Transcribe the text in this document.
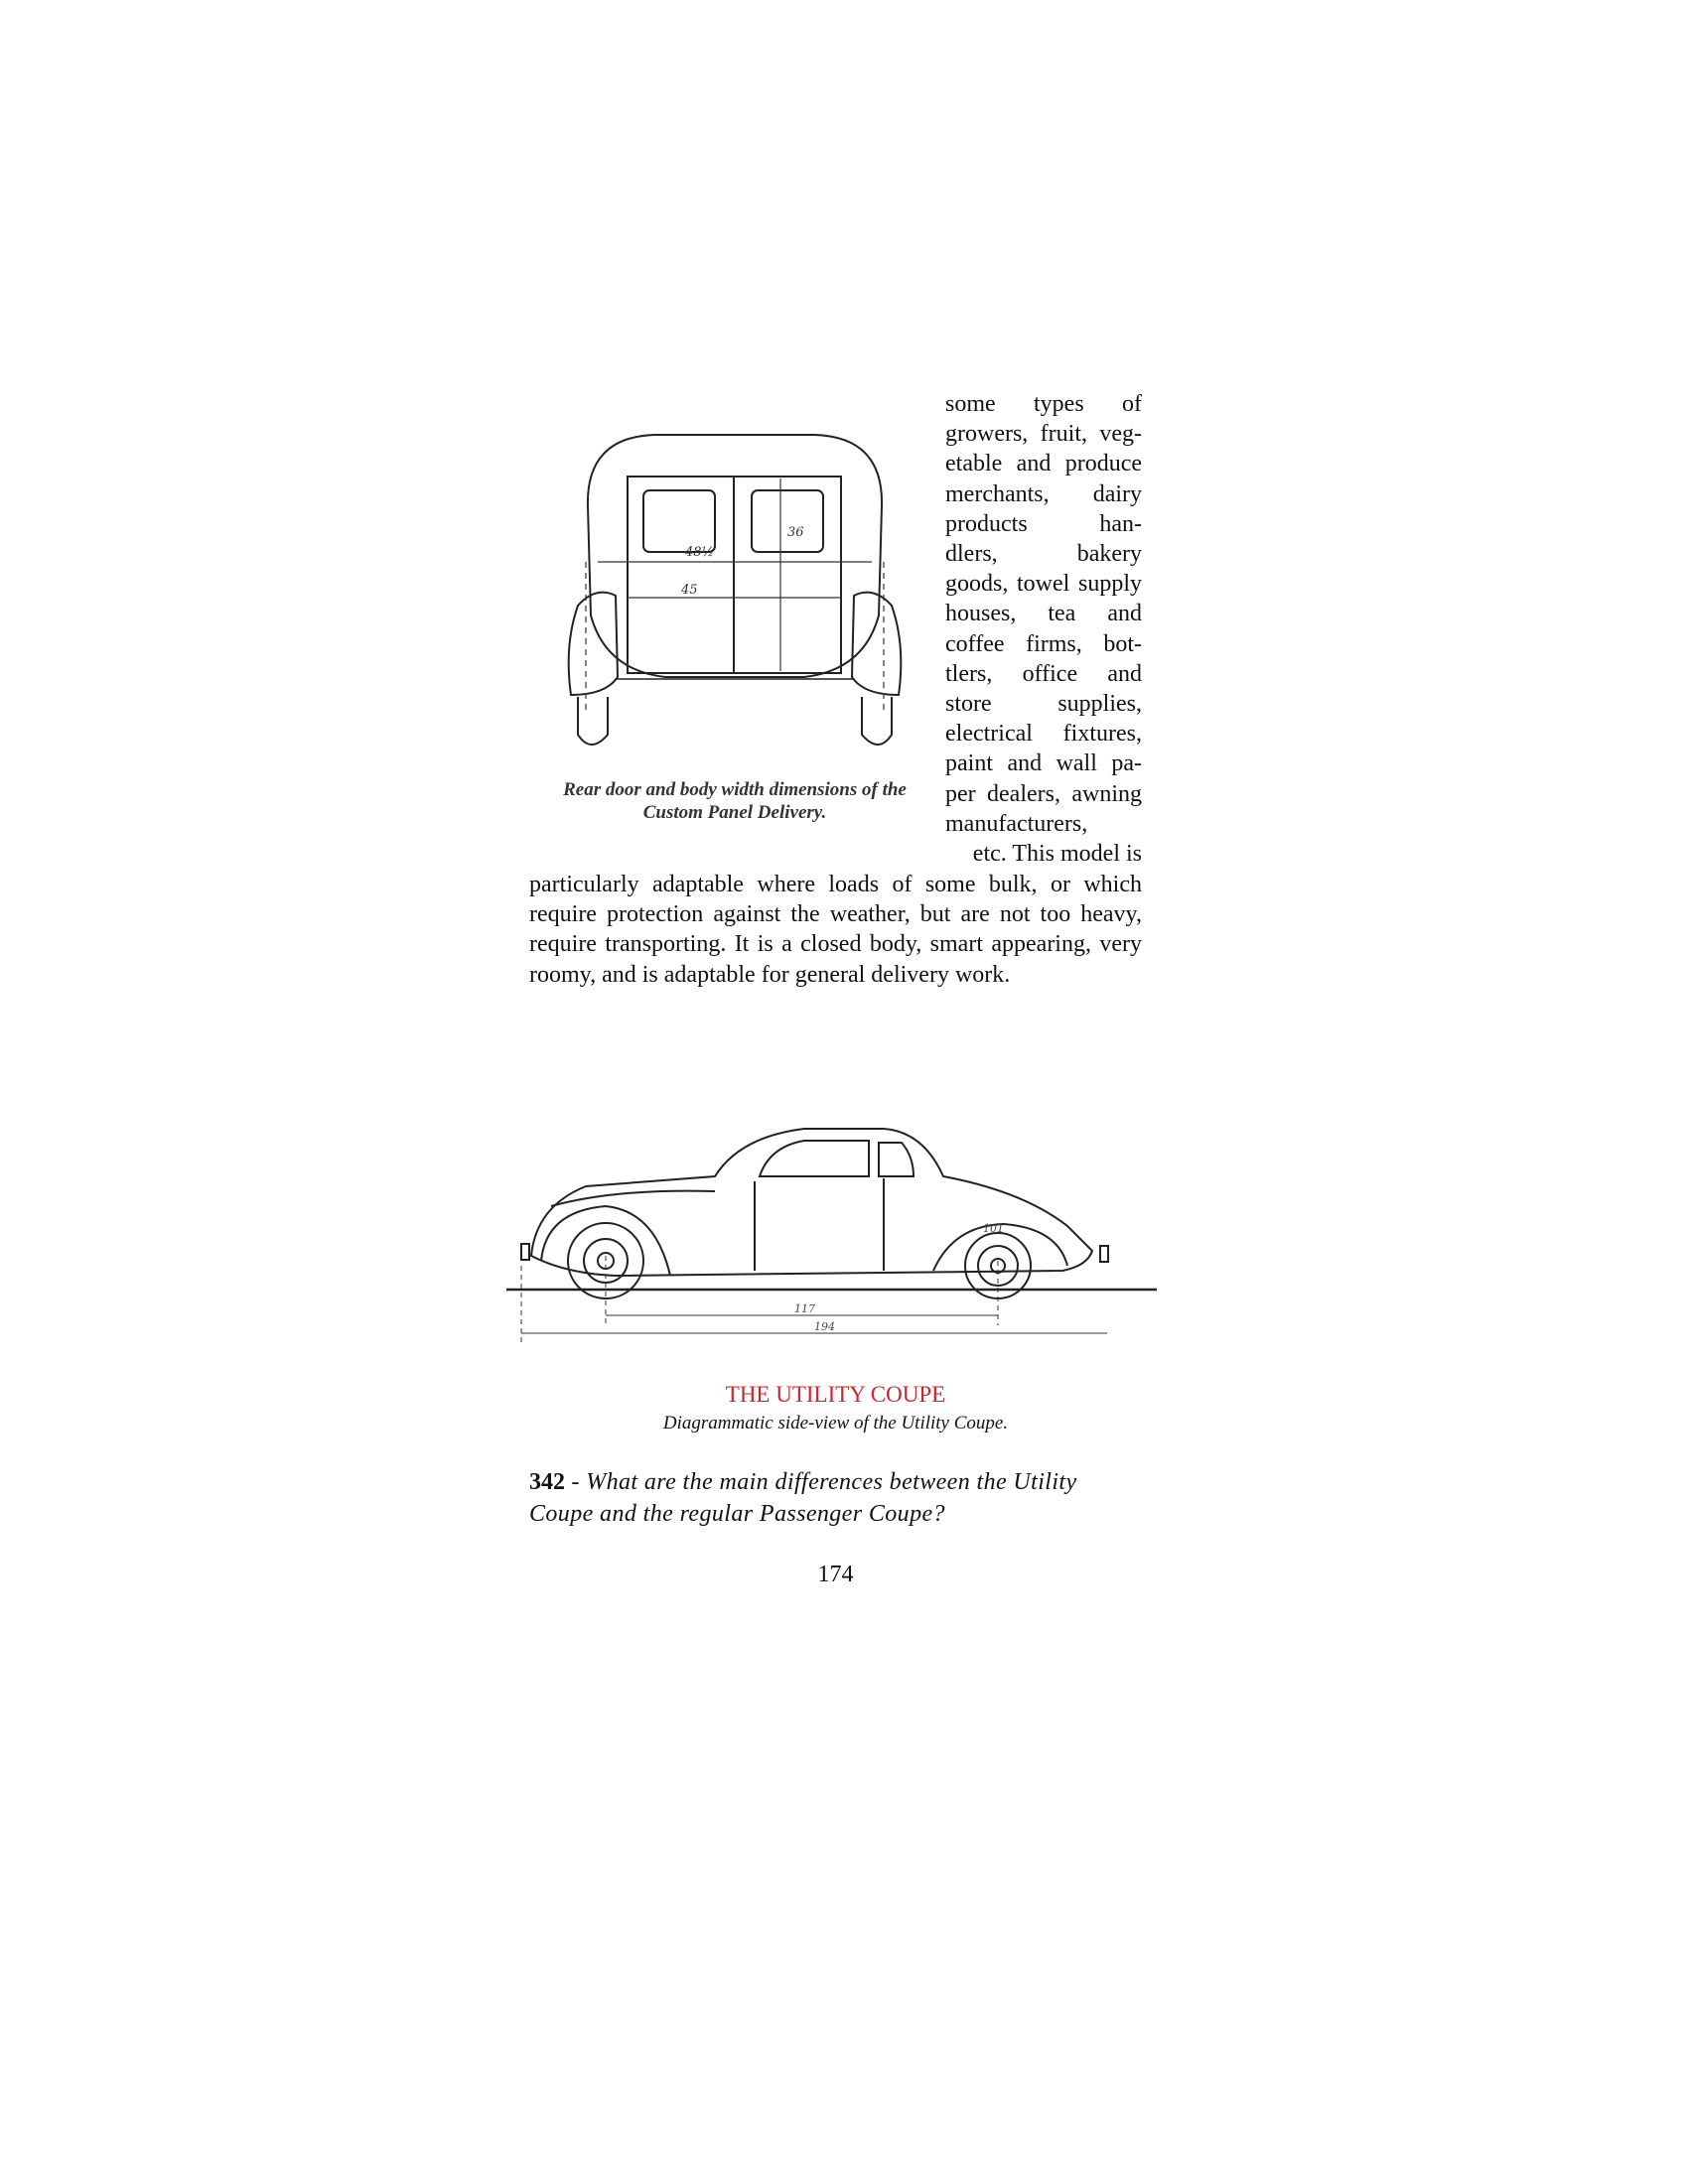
48½
45
36
Rear door and body width dimensions of the Custom Panel Delivery.

some types of

growers, fruit, veg-

etable and produce

merchants, dairy

products han-

dlers, bakery

goods, towel supply

houses, tea and

coffee firms, bot-

tlers, office and

store supplies,

electrical fixtures,

paint and wall pa-

per dealers, awning

manufacturers,

etc. This model is

particularly adaptable where loads of some bulk, or which require protection against the weather, but are not too heavy, require transporting. It is a closed body, smart appearing, very roomy, and is adaptable for general delivery work.

117
194
101
THE UTILITY COUPE
Diagrammatic side-view of the Utility Coupe.
342 - What are the main differences between the Utility Coupe and the regular Passenger Coupe?
174
